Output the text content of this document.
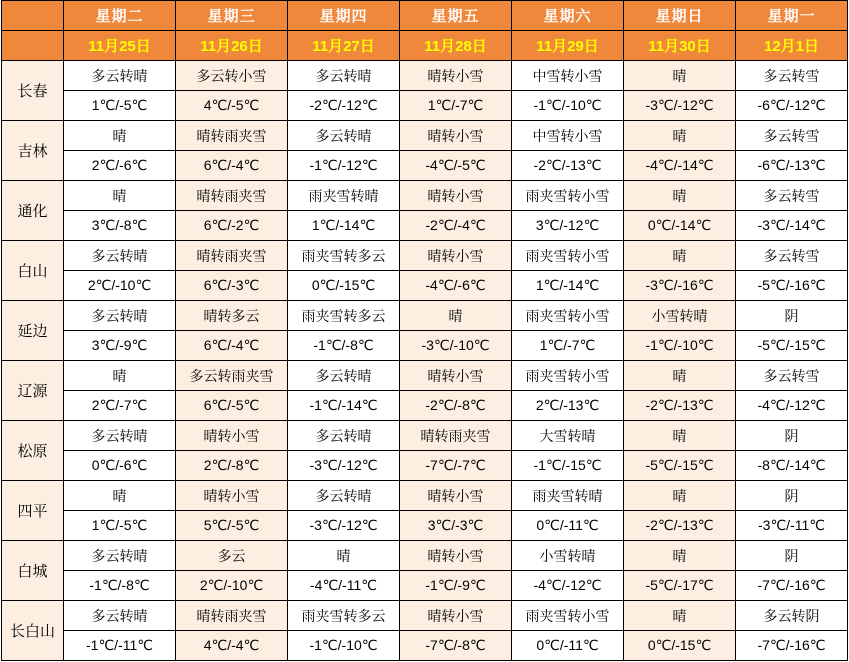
	星期二	星期三	星期四	星期五	星期六	星期日	星期一
	11月25日	11月26日	11月27日	11月28日	11月29日	11月30日	12月1日
长春	多云转晴	多云转小雪	多云转晴	晴转小雪	中雪转小雪	晴	多云转雪
	1℃/-5℃	4℃/-5℃	-2℃/-12℃	1℃/-7℃	-1℃/-10℃	-3℃/-12℃	-6℃/-12℃
吉林	晴	晴转雨夹雪	多云转晴	晴转小雪	中雪转小雪	晴	多云转雪
	2℃/-6℃	6℃/-4℃	-1℃/-12℃	-4℃/-5℃	-2℃/-13℃	-4℃/-14℃	-6℃/-13℃
通化	晴	晴转雨夹雪	雨夹雪转晴	晴转小雪	雨夹雪转小雪	晴	多云转雪
	3℃/-8℃	6℃/-2℃	1℃/-14℃	-2℃/-4℃	3℃/-12℃	0℃/-14℃	-3℃/-14℃
白山	多云转晴	晴转雨夹雪	雨夹雪转多云	晴转小雪	雨夹雪转小雪	晴	多云转雪
	2℃/-10℃	6℃/-3℃	0℃/-15℃	-4℃/-6℃	1℃/-14℃	-3℃/-16℃	-5℃/-16℃
延边	多云转晴	晴转多云	雨夹雪转多云	晴	雨夹雪转小雪	小雪转晴	阴
	3℃/-9℃	6℃/-4℃	-1℃/-8℃	-3℃/-10℃	1℃/-7℃	-1℃/-10℃	-5℃/-15℃
辽源	晴	多云转雨夹雪	多云转晴	晴转小雪	雨夹雪转小雪	晴	多云转雪
	2℃/-7℃	6℃/-5℃	-1℃/-14℃	-2℃/-8℃	2℃/-13℃	-2℃/-13℃	-4℃/-12℃
松原	多云转晴	晴转小雪	多云转晴	晴转雨夹雪	大雪转晴	晴	阴
	0℃/-6℃	2℃/-8℃	-3℃/-12℃	-7℃/-7℃	-1℃/-15℃	-5℃/-15℃	-8℃/-14℃
四平	晴	晴转小雪	多云转晴	晴转小雪	雨夹雪转晴	晴	阴
	1℃/-5℃	5℃/-5℃	-3℃/-12℃	3℃/-3℃	0℃/-11℃	-2℃/-13℃	-3℃/-11℃
白城	多云转晴	多云	晴	晴转小雪	小雪转晴	晴	阴
	-1℃/-8℃	2℃/-10℃	-4℃/-11℃	-1℃/-9℃	-4℃/-12℃	-5℃/-17℃	-7℃/-16℃
长白山	多云转晴	晴转雨夹雪	雨夹雪转多云	晴转小雪	雨夹雪转小雪	晴	多云转阴
	-1℃/-11℃	4℃/-4℃	-1℃/-10℃	-7℃/-8℃	0℃/-11℃	0℃/-15℃	-7℃/-16℃
